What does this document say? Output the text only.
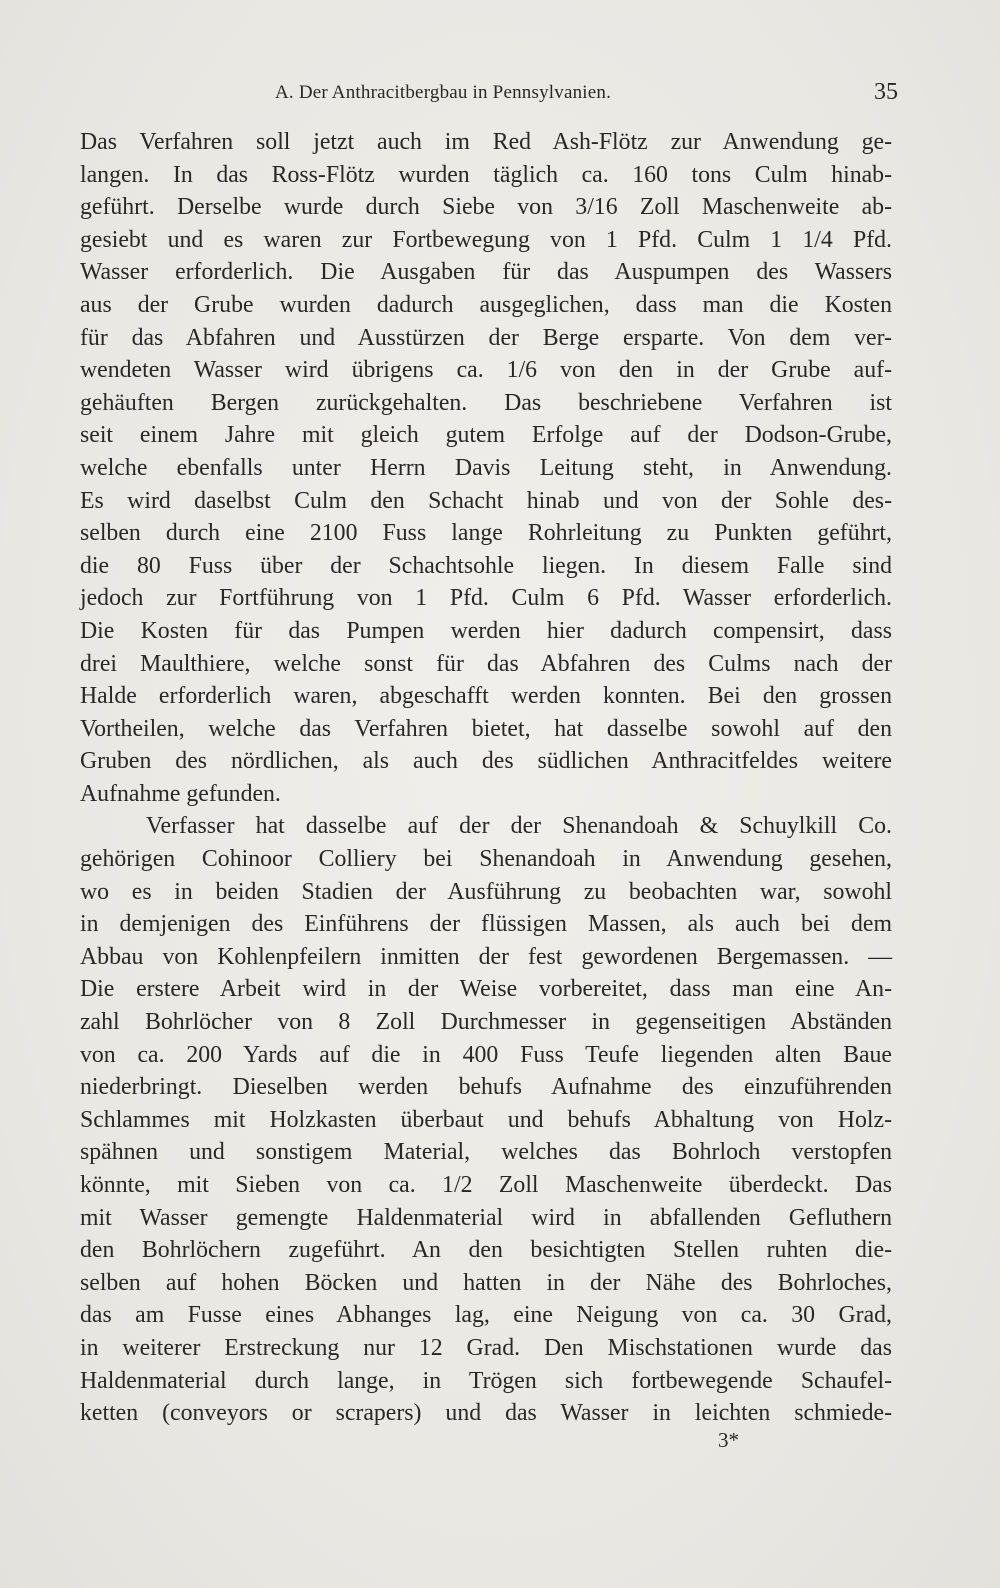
A. Der Anthracitbergbau in Pennsylvanien.	35
Das Verfahren soll jetzt auch im Red Ash-Flötz zur Anwendung ge-
langen. In das Ross-Flötz wurden täglich ca. 160 tons Culm hinab-
geführt. Derselbe wurde durch Siebe von 3/16 Zoll Maschenweite ab-
gesiebt und es waren zur Fortbewegung von 1 Pfd. Culm 1 1/4 Pfd.
Wasser erforderlich. Die Ausgaben für das Auspumpen des Wassers
aus der Grube wurden dadurch ausgeglichen, dass man die Kosten
für das Abfahren und Ausstürzen der Berge ersparte. Von dem ver-
wendeten Wasser wird übrigens ca. 1/6 von den in der Grube auf-
gehäuften Bergen zurückgehalten. Das beschriebene Verfahren ist
seit einem Jahre mit gleich gutem Erfolge auf der Dodson-Grube,
welche ebenfalls unter Herrn Davis Leitung steht, in Anwendung.
Es wird daselbst Culm den Schacht hinab und von der Sohle des-
selben durch eine 2100 Fuss lange Rohrleitung zu Punkten geführt,
die 80 Fuss über der Schachtsohle liegen. In diesem Falle sind
jedoch zur Fortführung von 1 Pfd. Culm 6 Pfd. Wasser erforderlich.
Die Kosten für das Pumpen werden hier dadurch compensirt, dass
drei Maulthiere, welche sonst für das Abfahren des Culms nach der
Halde erforderlich waren, abgeschafft werden konnten. Bei den grossen
Vortheilen, welche das Verfahren bietet, hat dasselbe sowohl auf den
Gruben des nördlichen, als auch des südlichen Anthracitfeldes weitere
Aufnahme gefunden.
Verfasser hat dasselbe auf der der Shenandoah & Schuylkill Co.
gehörigen Cohinoor Colliery bei Shenandoah in Anwendung gesehen,
wo es in beiden Stadien der Ausführung zu beobachten war, sowohl
in demjenigen des Einführens der flüssigen Massen, als auch bei dem
Abbau von Kohlenpfeilern inmitten der fest gewordenen Bergemassen. —
Die erstere Arbeit wird in der Weise vorbereitet, dass man eine An-
zahl Bohrlöcher von 8 Zoll Durchmesser in gegenseitigen Abständen
von ca. 200 Yards auf die in 400 Fuss Teufe liegenden alten Baue
niederbringt. Dieselben werden behufs Aufnahme des einzuführenden
Schlammes mit Holzkasten überbaut und behufs Abhaltung von Holz-
spähnen und sonstigem Material, welches das Bohrloch verstopfen
könnte, mit Sieben von ca. 1/2 Zoll Maschenweite überdeckt. Das
mit Wasser gemengte Haldenmaterial wird in abfallenden Gefluthern
den Bohrlöchern zugeführt. An den besichtigten Stellen ruhten die-
selben auf hohen Böcken und hatten in der Nähe des Bohrloches,
das am Fusse eines Abhanges lag, eine Neigung von ca. 30 Grad,
in weiterer Erstreckung nur 12 Grad. Den Mischstationen wurde das
Haldenmaterial durch lange, in Trögen sich fortbewegende Schaufel-
ketten (conveyors or scrapers) und das Wasser in leichten schmiede-
3*
